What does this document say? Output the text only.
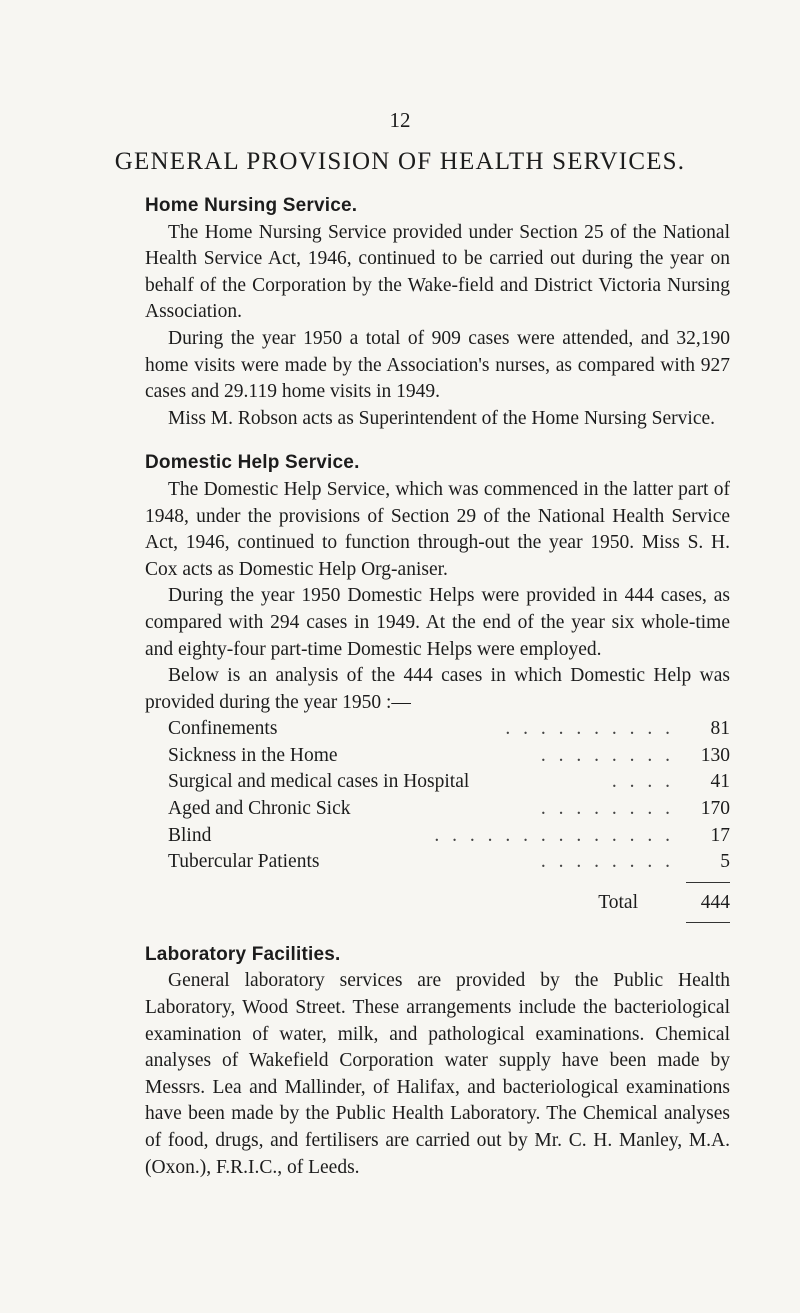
12
GENERAL PROVISION OF HEALTH SERVICES.
Home Nursing Service.

The Home Nursing Service provided under Section 25 of the National Health Service Act, 1946, continued to be carried out during the year on behalf of the Corporation by the Wake-field and District Victoria Nursing Association.

During the year 1950 a total of 909 cases were attended, and 32,190 home visits were made by the Association's nurses, as compared with 927 cases and 29.119 home visits in 1949.

Miss M. Robson acts as Superintendent of the Home Nursing Service.

Domestic Help Service.

The Domestic Help Service, which was commenced in the latter part of 1948, under the provisions of Section 29 of the National Health Service Act, 1946, continued to function through-out the year 1950. Miss S. H. Cox acts as Domestic Help Org-aniser.

During the year 1950 Domestic Helps were provided in 444 cases, as compared with 294 cases in 1949. At the end of the year six whole-time and eighty-four part-time Domestic Helps were employed.

Below is an analysis of the 444 cases in which Domestic Help was provided during the year 1950 :—

Confinements	. . . . . . . . . .	81
Sickness in the Home	. . . . . . . .	130
Surgical and medical cases in Hospital	. . . .	41
Aged and Chronic Sick	. . . . . . . .	170
Blind	. . . . . . . . . . . . . .	17
Tubercular Patients	. . . . . . . .	5
Total	444
Laboratory Facilities.

General laboratory services are provided by the Public Health Laboratory, Wood Street. These arrangements include the bacteriological examination of water, milk, and pathological examinations. Chemical analyses of Wakefield Corporation water supply have been made by Messrs. Lea and Mallinder, of Halifax, and bacteriological examinations have been made by the Public Health Laboratory. The Chemical analyses of food, drugs, and fertilisers are carried out by Mr. C. H. Manley, M.A. (Oxon.), F.R.I.C., of Leeds.
